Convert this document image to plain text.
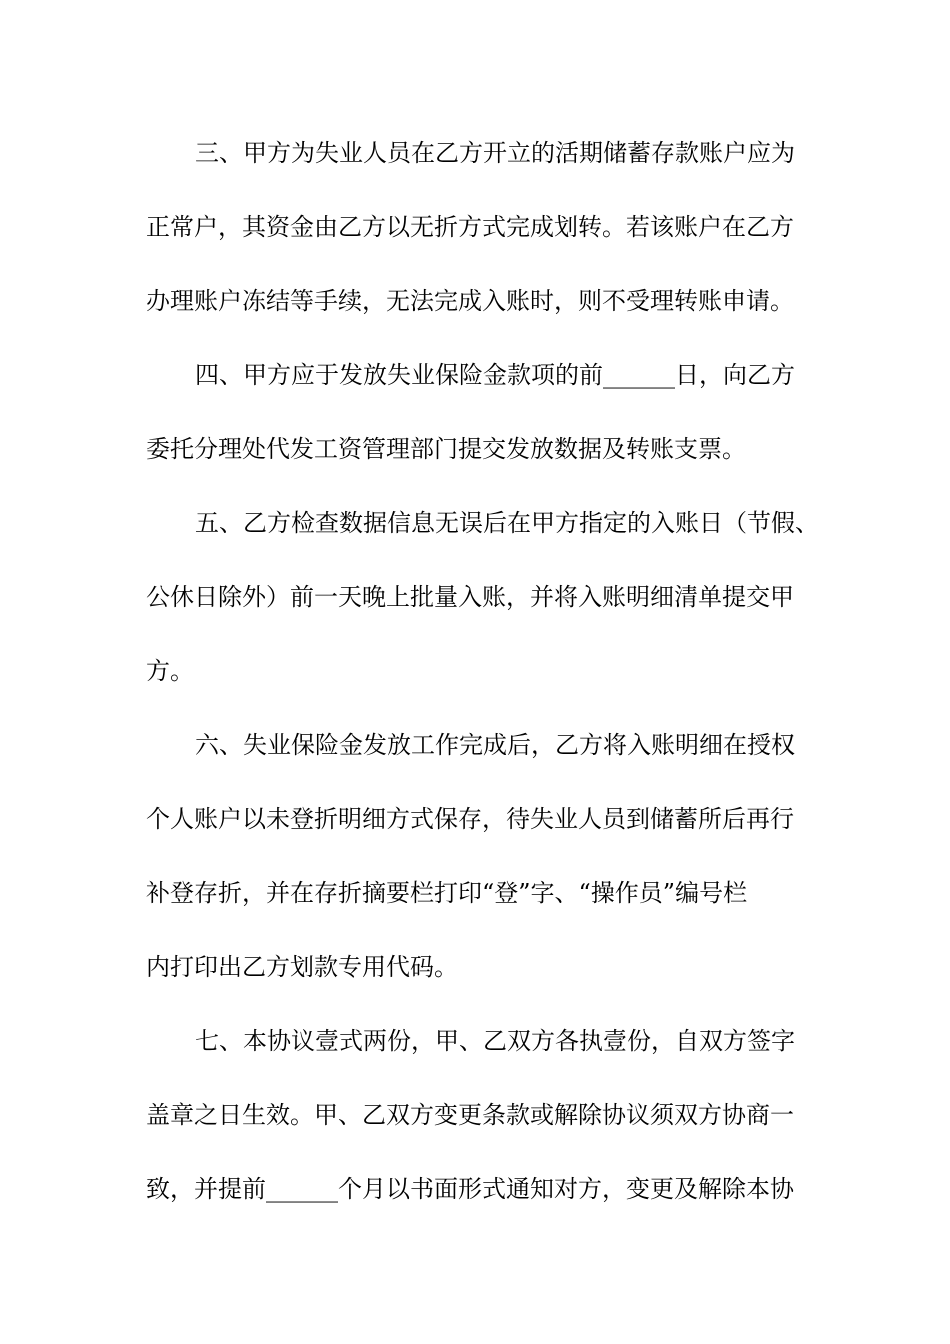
三、甲方为失业人员在乙方开立的活期储蓄存款账户应为
正常户，其资金由乙方以无折方式完成划转。若该账户在乙方
办理账户冻结等手续，无法完成入账时，则不受理转账申请。
四、甲方应于发放失业保险金款项的前______日，向乙方
委托分理处代发工资管理部门提交发放数据及转账支票。
五、乙方检查数据信息无误后在甲方指定的入账日（节假、
公休日除外）前一天晚上批量入账，并将入账明细清单提交甲
方。
六、失业保险金发放工作完成后，乙方将入账明细在授权
个人账户以未登折明细方式保存，待失业人员到储蓄所后再行
补登存折，并在存折摘要栏打印“登”字、“操作员”编号栏
内打印出乙方划款专用代码。
七、本协议壹式两份，甲、乙双方各执壹份，自双方签字
盖章之日生效。甲、乙双方变更条款或解除协议须双方协商一
致，并提前______个月以书面形式通知对方，变更及解除本协
